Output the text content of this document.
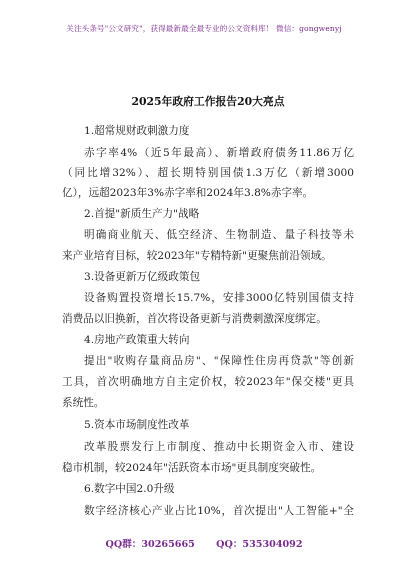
关注头条号"公文研究"，获得最新最全最专业的公文资料库！ 微信：gongwenyj
2025年政府工作报告20大亮点
1.超常规财政刺激力度
赤字率4%（近5年最高）、新增政府债务11.86万亿
（同比增32%）、超长期特别国债1.3万亿（新增3000
亿），远超2023年3%赤字率和2024年3.8%赤字率。
2.首提"新质生产力"战略
明确商业航天、低空经济、生物制造、量子科技等未
来产业培育目标，较2023年"专精特新"更聚焦前沿领域。
3.设备更新万亿级政策包
设备购置投资增长15.7%，安排3000亿特别国债支持
消费品以旧换新，首次将设备更新与消费刺激深度绑定。
4.房地产政策重大转向
提出"收购存量商品房"、"保障性住房再贷款"等创新
工具，首次明确地方自主定价权，较2023年"保交楼"更具
系统性。
5.资本市场制度性改革
改革股票发行上市制度、推动中长期资金入市、建设
稳市机制，较2024年"活跃资本市场"更具制度突破性。
6.数字中国2.0升级
数字经济核心产业占比10%，首次提出"人工智能+"全
QQ群：30265665 QQ：535304092
